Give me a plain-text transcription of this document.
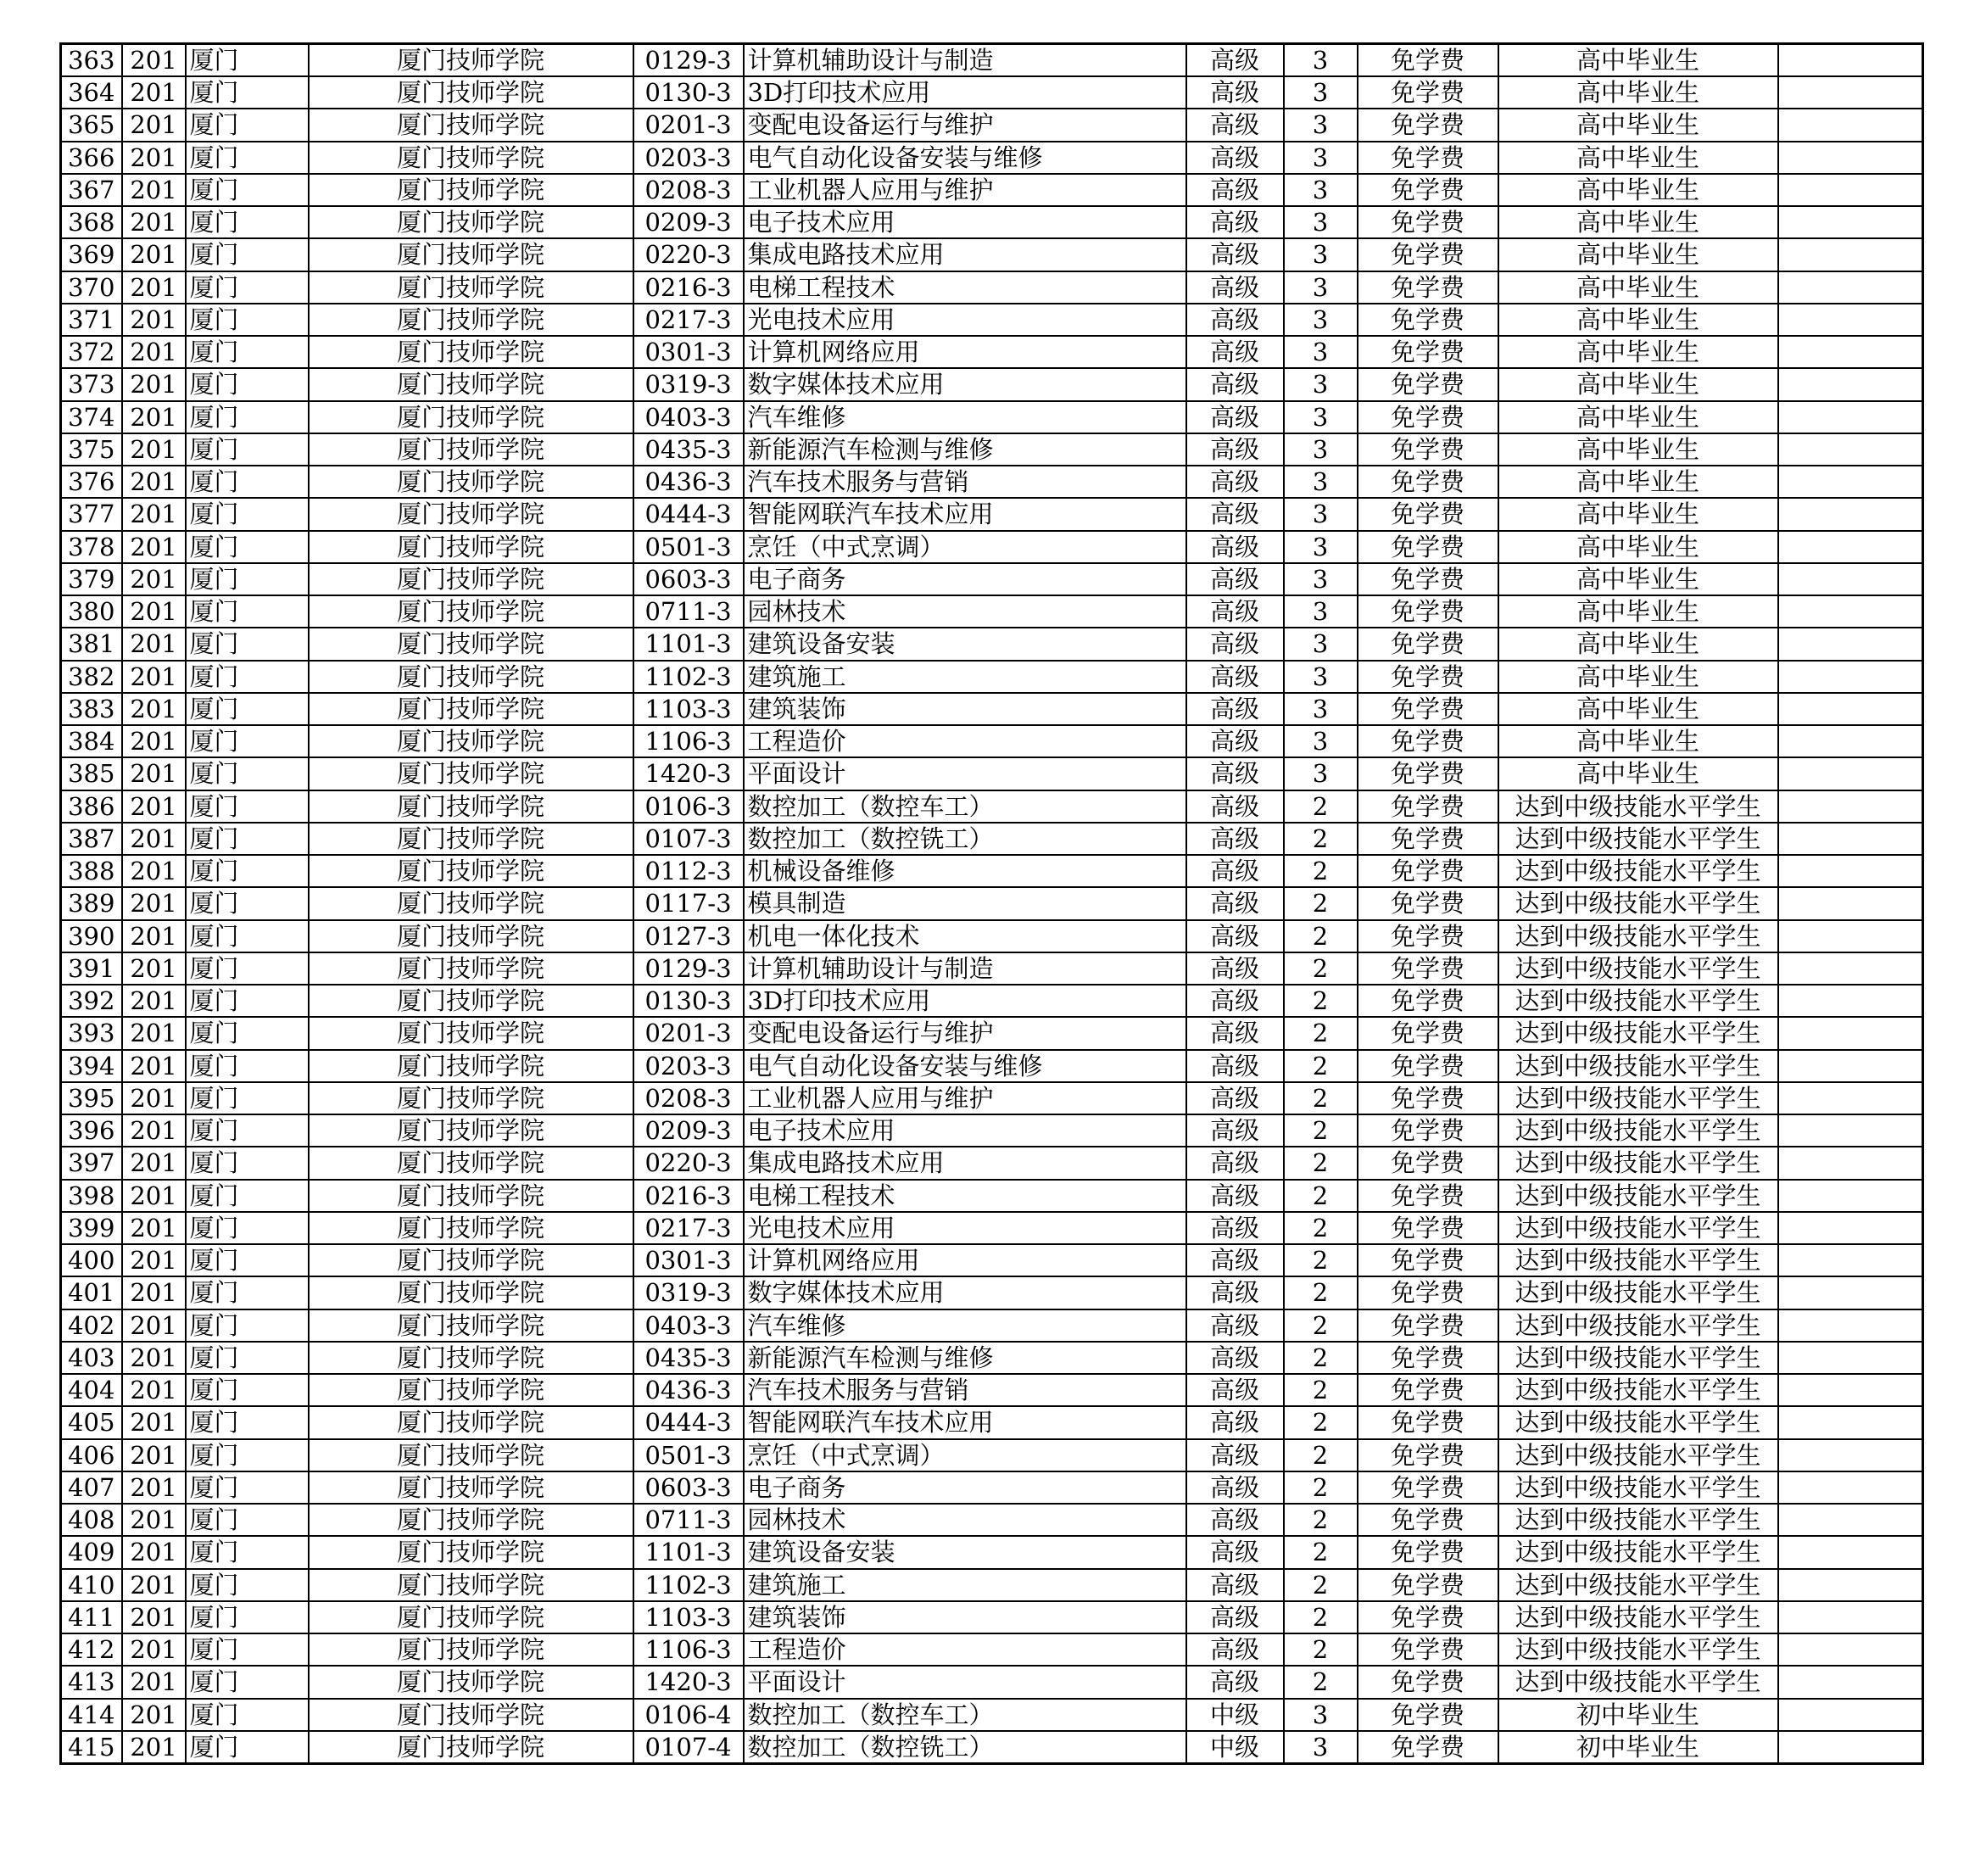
363	201	厦门	厦门技师学院	0129-3	计算机辅助设计与制造	高级	3	免学费	高中毕业生	
364	201	厦门	厦门技师学院	0130-3	3D打印技术应用	高级	3	免学费	高中毕业生	
365	201	厦门	厦门技师学院	0201-3	变配电设备运行与维护	高级	3	免学费	高中毕业生	
366	201	厦门	厦门技师学院	0203-3	电气自动化设备安装与维修	高级	3	免学费	高中毕业生	
367	201	厦门	厦门技师学院	0208-3	工业机器人应用与维护	高级	3	免学费	高中毕业生	
368	201	厦门	厦门技师学院	0209-3	电子技术应用	高级	3	免学费	高中毕业生	
369	201	厦门	厦门技师学院	0220-3	集成电路技术应用	高级	3	免学费	高中毕业生	
370	201	厦门	厦门技师学院	0216-3	电梯工程技术	高级	3	免学费	高中毕业生	
371	201	厦门	厦门技师学院	0217-3	光电技术应用	高级	3	免学费	高中毕业生	
372	201	厦门	厦门技师学院	0301-3	计算机网络应用	高级	3	免学费	高中毕业生	
373	201	厦门	厦门技师学院	0319-3	数字媒体技术应用	高级	3	免学费	高中毕业生	
374	201	厦门	厦门技师学院	0403-3	汽车维修	高级	3	免学费	高中毕业生	
375	201	厦门	厦门技师学院	0435-3	新能源汽车检测与维修	高级	3	免学费	高中毕业生	
376	201	厦门	厦门技师学院	0436-3	汽车技术服务与营销	高级	3	免学费	高中毕业生	
377	201	厦门	厦门技师学院	0444-3	智能网联汽车技术应用	高级	3	免学费	高中毕业生	
378	201	厦门	厦门技师学院	0501-3	烹饪（中式烹调）	高级	3	免学费	高中毕业生	
379	201	厦门	厦门技师学院	0603-3	电子商务	高级	3	免学费	高中毕业生	
380	201	厦门	厦门技师学院	0711-3	园林技术	高级	3	免学费	高中毕业生	
381	201	厦门	厦门技师学院	1101-3	建筑设备安装	高级	3	免学费	高中毕业生	
382	201	厦门	厦门技师学院	1102-3	建筑施工	高级	3	免学费	高中毕业生	
383	201	厦门	厦门技师学院	1103-3	建筑装饰	高级	3	免学费	高中毕业生	
384	201	厦门	厦门技师学院	1106-3	工程造价	高级	3	免学费	高中毕业生	
385	201	厦门	厦门技师学院	1420-3	平面设计	高级	3	免学费	高中毕业生	
386	201	厦门	厦门技师学院	0106-3	数控加工（数控车工）	高级	2	免学费	达到中级技能水平学生	
387	201	厦门	厦门技师学院	0107-3	数控加工（数控铣工）	高级	2	免学费	达到中级技能水平学生	
388	201	厦门	厦门技师学院	0112-3	机械设备维修	高级	2	免学费	达到中级技能水平学生	
389	201	厦门	厦门技师学院	0117-3	模具制造	高级	2	免学费	达到中级技能水平学生	
390	201	厦门	厦门技师学院	0127-3	机电一体化技术	高级	2	免学费	达到中级技能水平学生	
391	201	厦门	厦门技师学院	0129-3	计算机辅助设计与制造	高级	2	免学费	达到中级技能水平学生	
392	201	厦门	厦门技师学院	0130-3	3D打印技术应用	高级	2	免学费	达到中级技能水平学生	
393	201	厦门	厦门技师学院	0201-3	变配电设备运行与维护	高级	2	免学费	达到中级技能水平学生	
394	201	厦门	厦门技师学院	0203-3	电气自动化设备安装与维修	高级	2	免学费	达到中级技能水平学生	
395	201	厦门	厦门技师学院	0208-3	工业机器人应用与维护	高级	2	免学费	达到中级技能水平学生	
396	201	厦门	厦门技师学院	0209-3	电子技术应用	高级	2	免学费	达到中级技能水平学生	
397	201	厦门	厦门技师学院	0220-3	集成电路技术应用	高级	2	免学费	达到中级技能水平学生	
398	201	厦门	厦门技师学院	0216-3	电梯工程技术	高级	2	免学费	达到中级技能水平学生	
399	201	厦门	厦门技师学院	0217-3	光电技术应用	高级	2	免学费	达到中级技能水平学生	
400	201	厦门	厦门技师学院	0301-3	计算机网络应用	高级	2	免学费	达到中级技能水平学生	
401	201	厦门	厦门技师学院	0319-3	数字媒体技术应用	高级	2	免学费	达到中级技能水平学生	
402	201	厦门	厦门技师学院	0403-3	汽车维修	高级	2	免学费	达到中级技能水平学生	
403	201	厦门	厦门技师学院	0435-3	新能源汽车检测与维修	高级	2	免学费	达到中级技能水平学生	
404	201	厦门	厦门技师学院	0436-3	汽车技术服务与营销	高级	2	免学费	达到中级技能水平学生	
405	201	厦门	厦门技师学院	0444-3	智能网联汽车技术应用	高级	2	免学费	达到中级技能水平学生	
406	201	厦门	厦门技师学院	0501-3	烹饪（中式烹调）	高级	2	免学费	达到中级技能水平学生	
407	201	厦门	厦门技师学院	0603-3	电子商务	高级	2	免学费	达到中级技能水平学生	
408	201	厦门	厦门技师学院	0711-3	园林技术	高级	2	免学费	达到中级技能水平学生	
409	201	厦门	厦门技师学院	1101-3	建筑设备安装	高级	2	免学费	达到中级技能水平学生	
410	201	厦门	厦门技师学院	1102-3	建筑施工	高级	2	免学费	达到中级技能水平学生	
411	201	厦门	厦门技师学院	1103-3	建筑装饰	高级	2	免学费	达到中级技能水平学生	
412	201	厦门	厦门技师学院	1106-3	工程造价	高级	2	免学费	达到中级技能水平学生	
413	201	厦门	厦门技师学院	1420-3	平面设计	高级	2	免学费	达到中级技能水平学生	
414	201	厦门	厦门技师学院	0106-4	数控加工（数控车工）	中级	3	免学费	初中毕业生	
415	201	厦门	厦门技师学院	0107-4	数控加工（数控铣工）	中级	3	免学费	初中毕业生	
